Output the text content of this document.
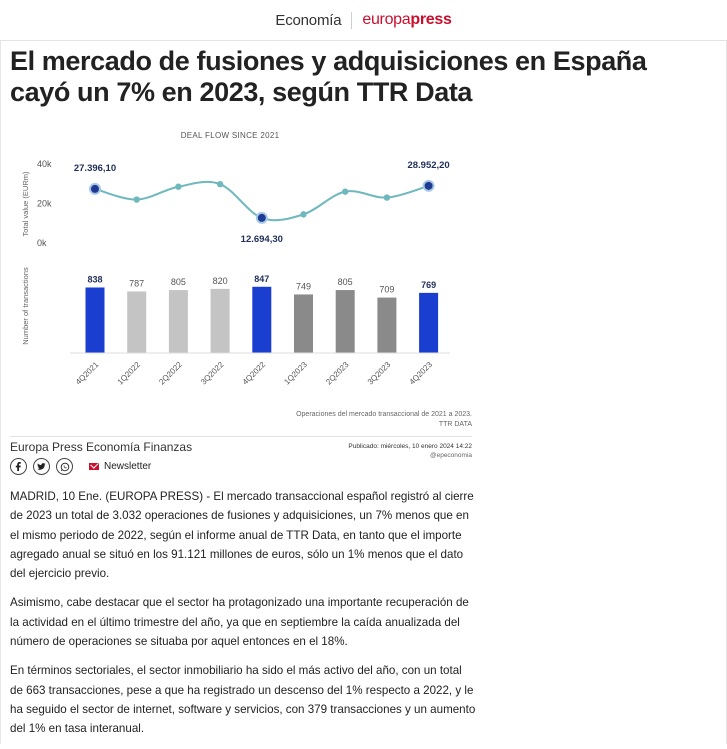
Economía	europapress
El mercado de fusiones y adquisiciones en España cayó un 7% en 2023, según TTR Data
DEAL FLOW SINCE 2021
40k
20k
0k
Total value (EURm)
27.396,10
12.694,30
28.952,20
Number of transactions	838	787	805	820	847
749	805
709	769
4Q2021 1Q2022 2Q2022 3Q2022 4Q2022 1Q2023 2Q2023 3Q2023 4Q2023
Operaciones del mercado transaccional de 2021 a 2023.
TTR DATA
Europa Press Economía Finanzas	Publicado: miércoles, 10 enero 2024 14:22
@epeconomia
Newsletter

MADRID, 10 Ene. (EUROPA PRESS) - El mercado transaccional español registró al cierre de 2023 un total de 3.032 operaciones de fusiones y adquisiciones, un 7% menos que en el mismo periodo de 2022, según el informe anual de TTR Data, en tanto que el importe agregado anual se situó en los 91.121 millones de euros, sólo un 1% menos que el dato del ejercicio previo.

Asimismo, cabe destacar que el sector ha protagonizado una importante recuperación de la actividad en el último trimestre del año, ya que en septiembre la caída anualizada del número de operaciones se situaba por aquel entonces en el 18%.

En términos sectoriales, el sector inmobiliario ha sido el más activo del año, con un total de 663 transacciones, pese a que ha registrado un descenso del 1% respecto a 2022, y le ha seguido el sector de internet, software y servicios, con 379 transacciones y un aumento del 1% en tasa interanual.
